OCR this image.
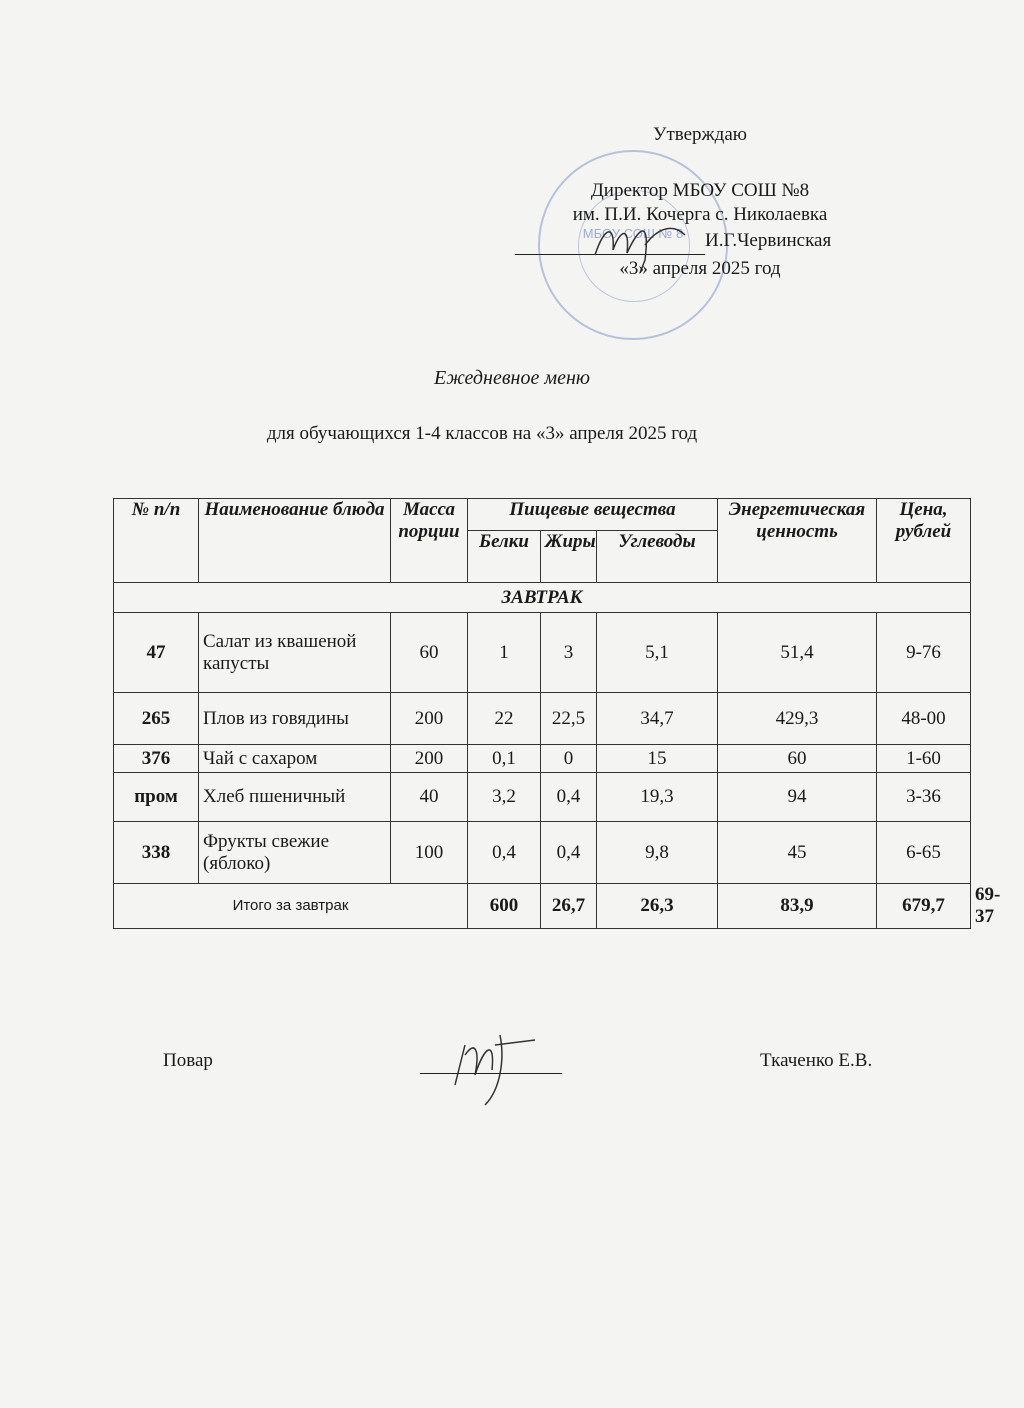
Утверждаю
МБОУ СОШ № 8
Директор МБОУ СОШ №8
им. П.И. Кочерга с. Николаевка
И.Г.Червинская
«3» апреля 2025 год
Ежедневное меню
для обучающихся 1-4 классов на «3» апреля 2025 год
№ п/п	Наименование блюда	Масса порции	Пищевые вещества			Энергетическая ценность	Цена, рублей	
			Белки	Жиры	Углеводы			
ЗАВТРАК								
47	Салат из квашеной капусты	60	1	3	5,1	51,4	9-76	
265	Плов из говядины	200	22	22,5	34,7	429,3	48-00	
376	Чай с сахаром	200	0,1	0	15	60	1-60	
пром	Хлеб пшеничный	40	3,2	0,4	19,3	94	3-36	
338	Фрукты свежие (яблоко)	100	0,4	0,4	9,8	45	6-65	
Итого за завтрак			600	26,7	26,3	83,9	679,7	69-37
Повар	Ткаченко Е.В.
